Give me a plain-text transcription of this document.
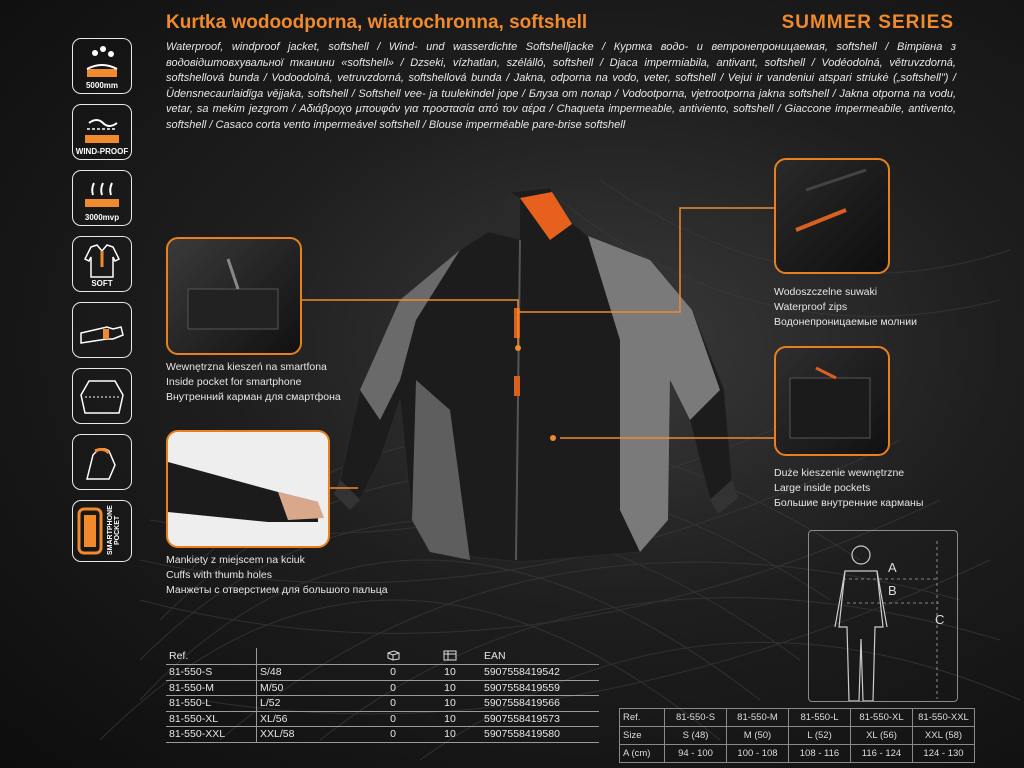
Kurtka wodoodporna, wiatrochronna, softshell	SUMMER SERIES
Waterproof, windproof jacket, softshell / Wind- und wasserdichte Softshelljacke / Куртка водо- и ветронепроницаемая, softshell / Вітрівна з водовідштовхувальної тканини «softshell» / Dzseki, vízhatlan, szélálló, softshell / Djaca impermiabila, antivant, softshell / Vodéodolná, větruvzdorná, softshellová bunda / Vodoodolná, vetruvzdorná, softshellová bunda / Jakna, odporna na vodo, veter, softshell / Vejui ir vandeniui atspari striukė („softshell") / Ūdensnecaurlaidīga vējjaka, softshell / Softshell vee- ja tuulekindel jope / Блуза от полар / Vodootporna, vjetrootporna jakna softshell / Jakna otporna na vodu, vetar, sa mekim jezgrom / Αδιάβροχο μπουφάν για προστασία από τον αέρα / Chaqueta impermeable, antiviento, softshell / Giaccone impermeabile, antivento, softshell / Casaco corta vento impermeável softshell / Blouse imperméable pare-brise softshell
5000mm
WIND-PROOF
3000mvp
SOFT
SMARTPHONE POCKET
Wewnętrzna kieszeń na smartfona
Inside pocket for smartphone
Внутренний карман для смартфона
Mankiety z miejscem na kciuk
Cuffs with thumb holes
Манжеты с отверстием для большого пальца
Wodoszczelne suwaki
Waterproof zips
Водонепроницаемые молнии
Duże kieszenie wewnętrzne
Large inside pockets
Большие внутренние карманы
A
B
C
Ref.				EAN
81-550-S	S/48	0	10	5907558419542
81-550-M	M/50	0	10	5907558419559
81-550-L	L/52	0	10	5907558419566
81-550-XL	XL/56	0	10	5907558419573
81-550-XXL	XXL/58	0	10	5907558419580
Ref.	81-550-S	81-550-M	81-550-L	81-550-XL	81-550-XXL
Size	S (48)	M (50)	L (52)	XL (56)	XXL (58)
A (cm)	94 - 100	100 - 108	108 - 116	116 - 124	124 - 130
